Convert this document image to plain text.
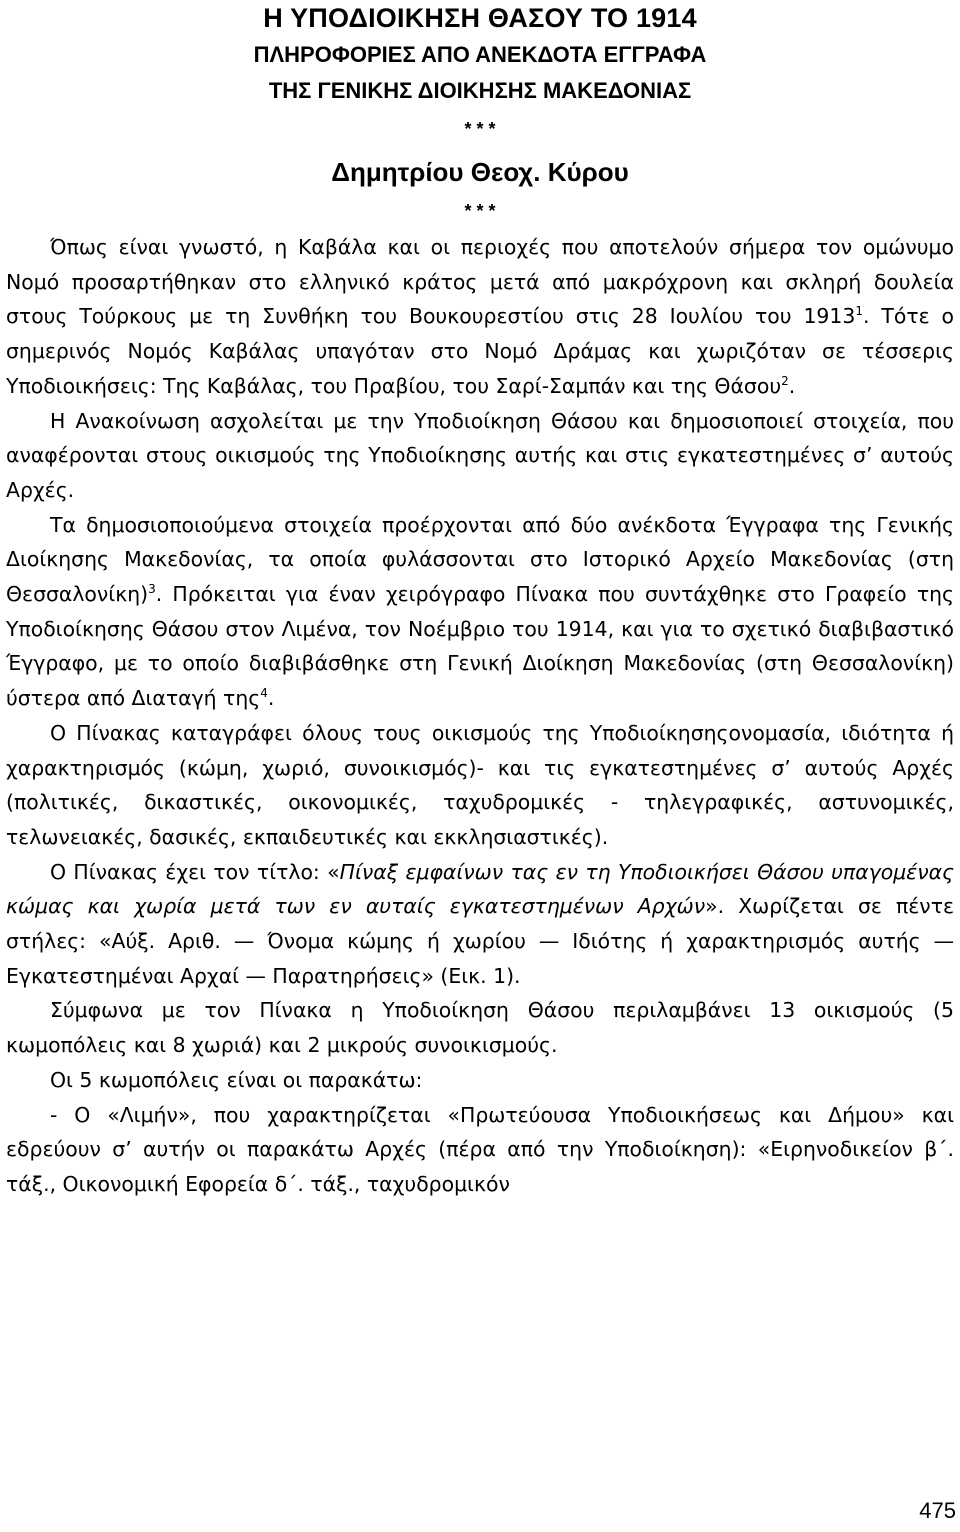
Η ΥΠΟΔΙΟΙΚΗΣΗ ΘΑΣΟΥ ΤΟ 1914
ΠΛΗΡΟΦΟΡΙΕΣ ΑΠΟ ΑΝΕΚΔΟΤΑ ΕΓΓΡΑΦΑ
ΤΗΣ ΓΕΝΙΚΗΣ ΔΙΟΙΚΗΣΗΣ ΜΑΚΕΔΟΝΙΑΣ
* * *
Δημητρίου Θεοχ. Κύρου
* * *

Όπως είναι γνωστό, η Καβάλα και οι περιοχές που αποτελούν σήμερα τον ομώνυμο Νομό προσαρτήθηκαν στο ελληνικό κράτος μετά από μακρόχρονη και σκληρή δουλεία στους Τούρκους με τη Συνθήκη του Βουκουρεστίου στις 28 Ιουλίου του 1913$^1$. Τότε ο σημερινός Νομός Καβάλας υπαγόταν στο Νομό Δράμας και χωριζόταν σε τέσσερις Υποδιοικήσεις: Της Καβάλας, του Πραβίου, του Σαρί-Σαμπάν και της Θάσου$^2$.

Η Ανακοίνωση ασχολείται με την Υποδιοίκηση Θάσου και δημοσιοποιεί στοιχεία, που αναφέρονται στους οικισμούς της Υποδιοίκησης αυτής και στις εγκατεστημένες σ’ αυτούς Αρχές.

Τα δημοσιοποιούμενα στοιχεία προέρχονται από δύο ανέκδοτα Έγγραφα της Γενικής Διοίκησης Μακεδονίας, τα οποία φυλάσσονται στο Ιστορικό Αρχείο Μακεδονίας (στη Θεσσαλονίκη)$^3$. Πρόκειται για έναν χειρόγραφο Πίνακα που συντάχθηκε στο Γραφείο της Υποδιοίκησης Θάσου στον Λιμένα, τον Νοέμβριο του 1914, και για το σχετικό διαβιβαστικό Έγγραφο, με το οποίο διαβιβάσθηκε στη Γενική Διοίκηση Μακεδονίας (στη Θεσσαλονίκη) ύστερα από Διαταγή της$^4$.

Ο Πίνακας καταγράφει όλους τους οικισμούς της Υποδιοίκησηςονομασία, ιδιότητα ή χαρακτηρισμός (κώμη, χωριό, συνοικισμός)- και τις εγκατεστημένες σ’ αυτούς Αρχές (πολιτικές, δικαστικές, οικονομικές, ταχυδρομικές - τηλεγραφικές, αστυνομικές, τελωνειακές, δασικές, εκπαιδευτικές και εκκλησιαστικές).

Ο Πίνακας έχει τον τίτλο: «Πίναξ εμφαίνων τας εν τη Υποδιοικήσει Θάσου υπαγομένας κώμας και χωρία μετά των εν αυταίς εγκατεστημένων Αρχών». Χωρίζεται σε πέντε στήλες: «Αύξ. Αριθ. — Όνομα κώμης ή χωρίου — Ιδιότης ή χαρακτηρισμός αυτής — Εγκατεστημέναι Αρχαί — Παρατηρήσεις» (Εικ. 1).

Σύμφωνα με τον Πίνακα η Υποδιοίκηση Θάσου περιλαμβάνει 13 οικισμούς (5 κωμοπόλεις και 8 χωριά) και 2 μικρούς συνοικισμούς.

Οι 5 κωμοπόλεις είναι οι παρακάτω:

- Ο «Λιμήν», που χαρακτηρίζεται «Πρωτεύουσα Υποδιοικήσεως και Δήμου» και εδρεύουν σ’ αυτήν οι παρακάτω Αρχές (πέρα από την Υποδιοίκηση): «Ειρηνοδικείον β΄. τάξ., Οικονομική Εφορεία δ΄. τάξ., ταχυδρομικόν

475
